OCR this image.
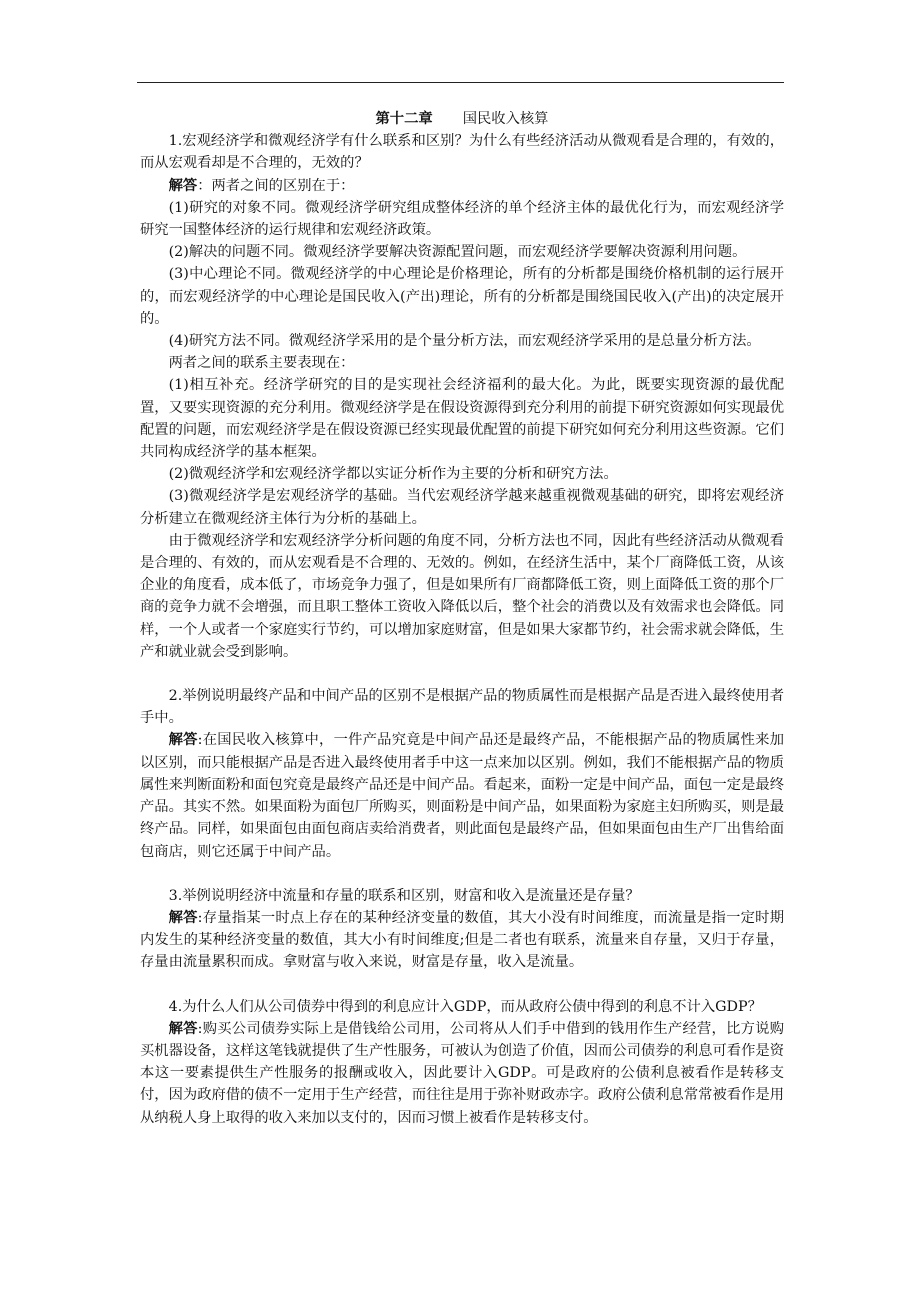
第十二章 国民收入核算

1.宏观经济学和微观经济学有什么联系和区别？为什么有些经济活动从微观看是合理的，有效的，而从宏观看却是不合理的，无效的？

解答：两者之间的区别在于：

(1)研究的对象不同。微观经济学研究组成整体经济的单个经济主体的最优化行为，而宏观经济学研究一国整体经济的运行规律和宏观经济政策。

(2)解决的问题不同。微观经济学要解决资源配置问题，而宏观经济学要解决资源利用问题。

(3)中心理论不同。微观经济学的中心理论是价格理论，所有的分析都是围绕价格机制的运行展开的，而宏观经济学的中心理论是国民收入(产出)理论，所有的分析都是围绕国民收入(产出)的决定展开的。

(4)研究方法不同。微观经济学采用的是个量分析方法，而宏观经济学采用的是总量分析方法。

两者之间的联系主要表现在：

(1)相互补充。经济学研究的目的是实现社会经济福利的最大化。为此，既要实现资源的最优配置，又要实现资源的充分利用。微观经济学是在假设资源得到充分利用的前提下研究资源如何实现最优配置的问题，而宏观经济学是在假设资源已经实现最优配置的前提下研究如何充分利用这些资源。它们共同构成经济学的基本框架。

(2)微观经济学和宏观经济学都以实证分析作为主要的分析和研究方法。

(3)微观经济学是宏观经济学的基础。当代宏观经济学越来越重视微观基础的研究，即将宏观经济分析建立在微观经济主体行为分析的基础上。

由于微观经济学和宏观经济学分析问题的角度不同，分析方法也不同，因此有些经济活动从微观看是合理的、有效的，而从宏观看是不合理的、无效的。例如，在经济生活中，某个厂商降低工资，从该企业的角度看，成本低了，市场竞争力强了，但是如果所有厂商都降低工资，则上面降低工资的那个厂商的竞争力就不会增强，而且职工整体工资收入降低以后，整个社会的消费以及有效需求也会降低。同样，一个人或者一个家庭实行节约，可以增加家庭财富，但是如果大家都节约，社会需求就会降低，生产和就业就会受到影响。

2.举例说明最终产品和中间产品的区别不是根据产品的物质属性而是根据产品是否进入最终使用者手中。

解答:在国民收入核算中，一件产品究竟是中间产品还是最终产品，不能根据产品的物质属性来加以区别，而只能根据产品是否进入最终使用者手中这一点来加以区别。例如，我们不能根据产品的物质属性来判断面粉和面包究竟是最终产品还是中间产品。看起来，面粉一定是中间产品，面包一定是最终产品。其实不然。如果面粉为面包厂所购买，则面粉是中间产品，如果面粉为家庭主妇所购买，则是最终产品。同样，如果面包由面包商店卖给消费者，则此面包是最终产品，但如果面包由生产厂出售给面包商店，则它还属于中间产品。

3.举例说明经济中流量和存量的联系和区别，财富和收入是流量还是存量？

解答:存量指某一时点上存在的某种经济变量的数值，其大小没有时间维度，而流量是指一定时期内发生的某种经济变量的数值，其大小有时间维度;但是二者也有联系，流量来自存量，又归于存量，存量由流量累积而成。拿财富与收入来说，财富是存量，收入是流量。

4.为什么人们从公司债券中得到的利息应计入GDP，而从政府公债中得到的利息不计入GDP？

解答:购买公司债券实际上是借钱给公司用，公司将从人们手中借到的钱用作生产经营，比方说购买机器设备，这样这笔钱就提供了生产性服务，可被认为创造了价值，因而公司债券的利息可看作是资本这一要素提供生产性服务的报酬或收入，因此要计入GDP。可是政府的公债利息被看作是转移支付，因为政府借的债不一定用于生产经营，而往往是用于弥补财政赤字。政府公债利息常常被看作是用从纳税人身上取得的收入来加以支付的，因而习惯上被看作是转移支付。
